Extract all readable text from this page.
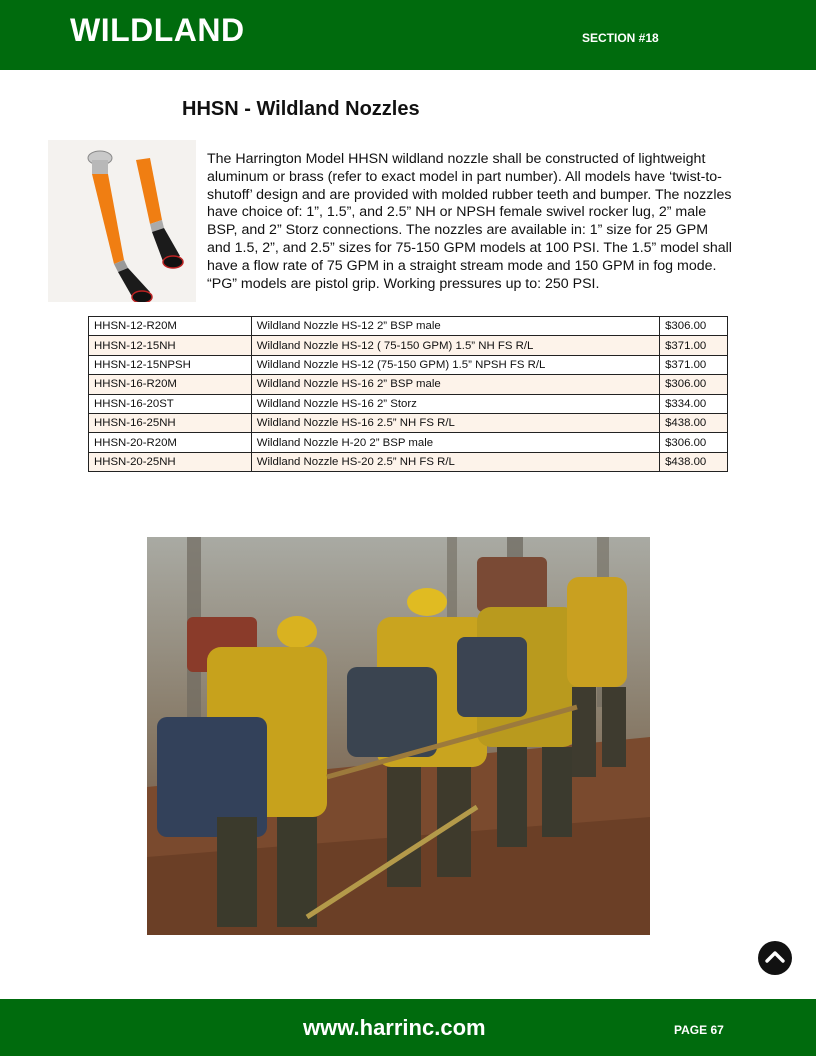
WILDLAND	SECTION #18
HHSN - Wildland Nozzles
The Harrington Model HHSN wildland nozzle shall be constructed of lightweight aluminum or brass (refer to exact model in part number). All models have ‘twist-to-shutoff’ design and are provided with molded rubber teeth and bumper. The nozzles have choice of: 1”, 1.5”, and 2.5” NH or NPSH female swivel rocker lug, 2” male BSP, and 2” Storz connections. The nozzles are available in: 1” size for 25 GPM and 1.5, 2”, and 2.5” sizes for 75-150 GPM models at 100 PSI. The 1.5” model shall have a flow rate of 75 GPM in a straight stream mode and 150 GPM in fog mode. “PG” models are pistol grip. Working pressures up to: 250 PSI.
HHSN-12-R20M	Wildland Nozzle HS-12 2” BSP male	$306.00
HHSN-12-15NH	Wildland Nozzle HS-12 ( 75-150 GPM) 1.5” NH FS R/L	$371.00
HHSN-12-15NPSH	Wildland Nozzle HS-12 (75-150 GPM) 1.5” NPSH FS R/L	$371.00
HHSN-16-R20M	Wildland Nozzle HS-16 2” BSP male	$306.00
HHSN-16-20ST	Wildland Nozzle HS-16 2” Storz	$334.00
HHSN-16-25NH	Wildland Nozzle HS-16 2.5” NH FS R/L	$438.00
HHSN-20-R20M	Wildland Nozzle H-20 2” BSP male	$306.00
HHSN-20-25NH	Wildland Nozzle HS-20 2.5” NH FS R/L	$438.00
www.harrinc.com	PAGE 67
